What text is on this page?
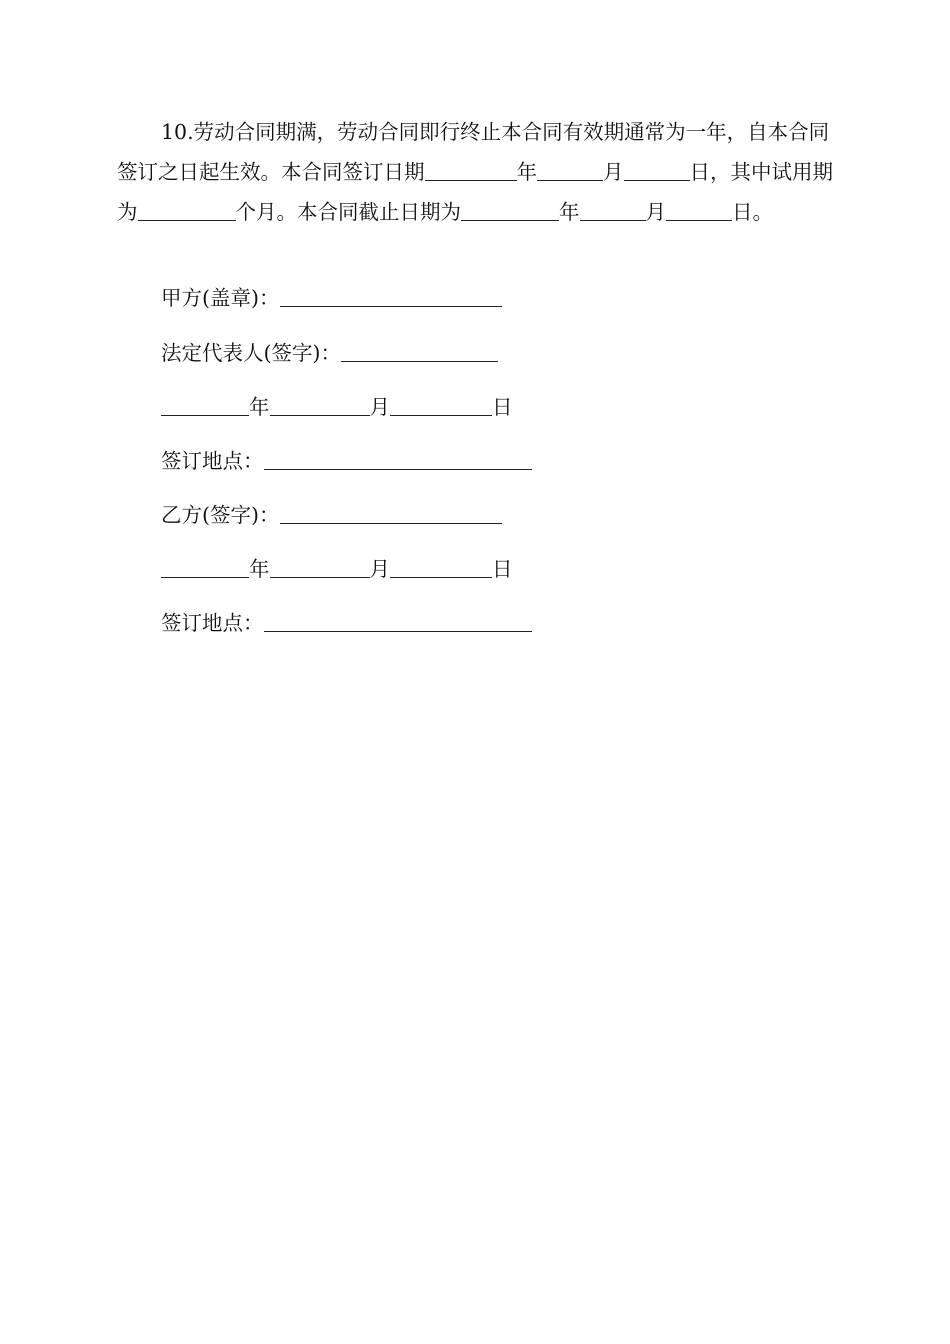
10.劳动合同期满，劳动合同即行终止本合同有效期通常为一年，自本合同签订之日起生效。本合同签订日期	年	月	日，其中试用期为	个月。本合同截止日期为	年	月	日。

甲方(盖章)：
法定代表人(签字)：
年	月	日
签订地点：
乙方(签字)：
年	月	日
签订地点：
